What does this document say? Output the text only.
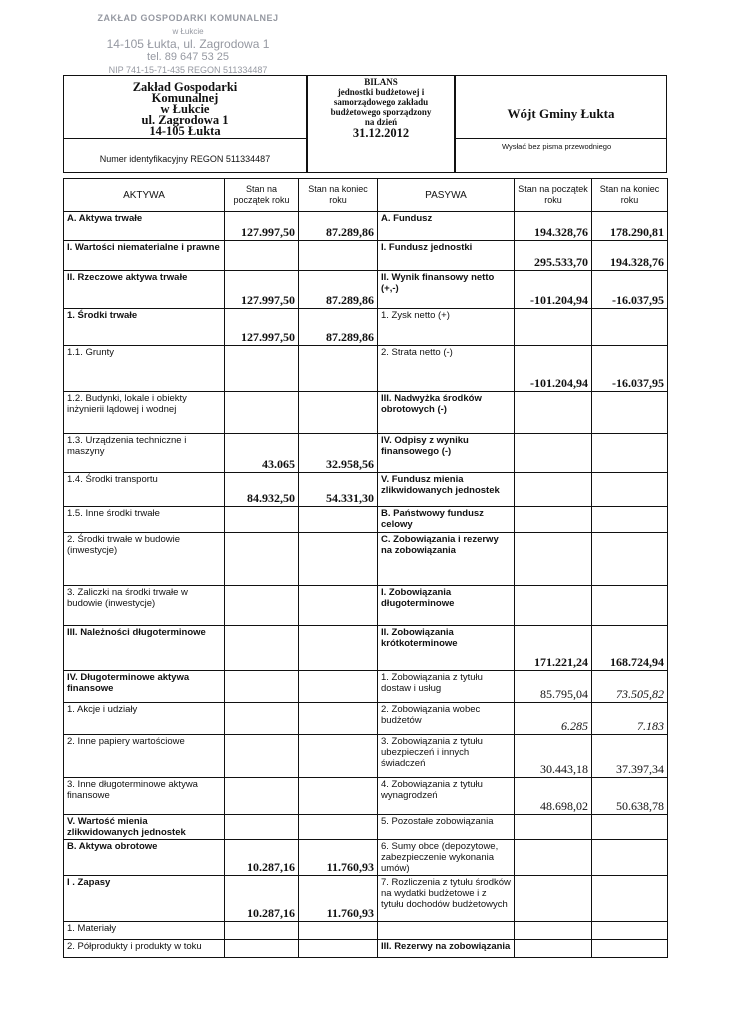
ZAKŁAD GOSPODARKI KOMUNALNEJ
w Łukcie
14-105 Łukta, ul. Zagrodowa 1
tel. 89 647 53 25
NIP 741-15-71-435 REGON 511334487
Zakład Gospodarki
Komunalnej
w Łukcie
ul. Zagrodowa 1
14-105 Łukta
Numer identyfikacyjny REGON 511334487
BILANS
jednostki budżetowej i
samorządowego zakładu
budżetowego sporządzony
na dzień
31.12.2012
Wójt Gminy Łukta
Wysłać bez pisma przewodniego
AKTYWA	Stan na początek roku	Stan na koniec roku	PASYWA	Stan na początek roku	Stan na koniec roku
A. Aktywa trwałe	127.997,50	87.289,86	A. Fundusz	194.328,76	178.290,81
I. Wartości niematerialne i prawne			I. Fundusz jednostki	295.533,70	194.328,76
II. Rzeczowe aktywa trwałe	127.997,50	87.289,86	II. Wynik finansowy netto (+,-)	-101.204,94	-16.037,95
1. Środki trwałe	127.997,50	87.289,86	1. Zysk netto (+)		
1.1. Grunty			2. Strata netto (-)	-101.204,94	-16.037,95
1.2. Budynki, lokale i obiekty inżynierii lądowej i wodnej			III. Nadwyżka środków obrotowych (-)		
1.3. Urządzenia techniczne i maszyny	43.065	32.958,56	IV. Odpisy z wyniku finansowego (-)		
1.4. Środki transportu	84.932,50	54.331,30	V. Fundusz mienia zlikwidowanych jednostek		
1.5. Inne środki trwałe			B. Państwowy fundusz celowy		
2. Środki trwałe w budowie (inwestycje)			C. Zobowiązania i rezerwy na zobowiązania		
3. Zaliczki na środki trwałe w budowie (inwestycje)			I. Zobowiązania długoterminowe		
III. Należności długoterminowe			II. Zobowiązania krótkoterminowe	171.221,24	168.724,94
IV. Długoterminowe aktywa finansowe			1. Zobowiązania z tytułu dostaw i usług	85.795,04	73.505,82
1. Akcje i udziały			2. Zobowiązania wobec budżetów	6.285	7.183
2. Inne papiery wartościowe			3. Zobowiązania z tytułu ubezpieczeń i innych świadczeń	30.443,18	37.397,34
3. Inne długoterminowe aktywa finansowe			4. Zobowiązania z tytułu wynagrodzeń	48.698,02	50.638,78
V. Wartość mienia zlikwidowanych jednostek			5. Pozostałe zobowiązania		
B. Aktywa obrotowe	10.287,16	11.760,93	6. Sumy obce (depozytowe, zabezpieczenie wykonania umów)		
I . Zapasy	10.287,16	11.760,93	7. Rozliczenia z tytułu środków na wydatki budżetowe i z tytułu dochodów budżetowych		
1. Materiały					
2. Półprodukty i produkty w toku			III. Rezerwy na zobowiązania		
